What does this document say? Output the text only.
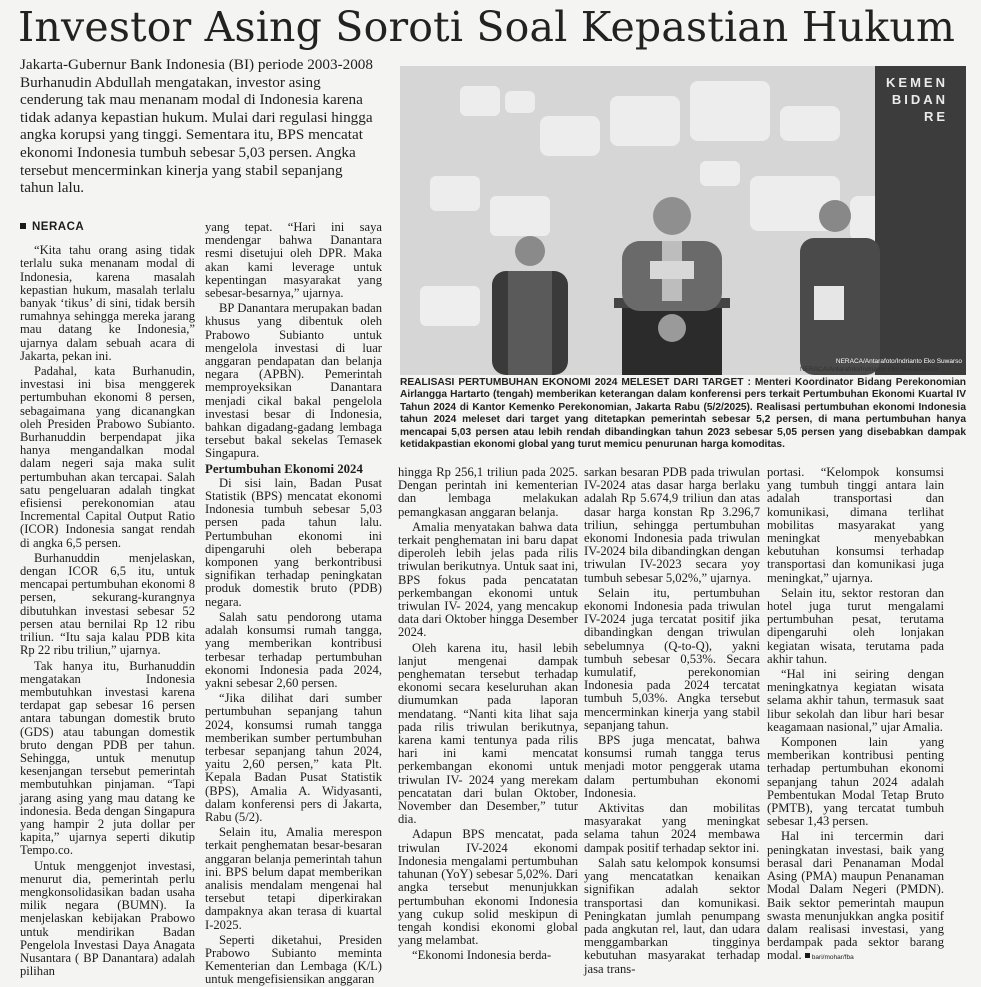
Investor Asing Soroti Soal Kepastian Hukum
Jakarta-Gubernur Bank Indonesia (BI) periode 2003-2008 Burhanudin Abdullah mengatakan, investor asing cenderung tak mau menanam modal di Indonesia karena tidak adanya kepastian hukum. Mulai dari regulasi hingga angka korupsi yang tinggi. Sementara itu, BPS mencatat ekonomi Indonesia tumbuh sebesar 5,03 persen. Angka tersebut mencerminkan kinerja yang stabil sepanjang tahun lalu.
KEMEN
BIDAN
RE
NERACA/Antarafoto/Indrianto Eko Suwarso
NERACA/Antarafoto/Indrianto Eko Suwarso/tom
REALISASI PERTUMBUHAN EKONOMI 2024 MELESET DARI TARGET : Menteri Koordinator Bidang Perekonomian Airlangga Hartarto (tengah) memberikan keterangan dalam konferensi pers terkait Pertumbuhan Ekonomi Kuartal IV Tahun 2024 di Kantor Kemenko Perekonomian, Jakarta Rabu (5/2/2025). Realisasi pertumbuhan ekonomi Indonesia tahun 2024 meleset dari target yang ditetapkan pemerintah sebesar 5,2 persen, di mana pertumbuhan hanya mencapai 5,03 persen atau lebih rendah dibandingkan tahun 2023 sebesar 5,05 persen yang disebabkan dampak ketidakpastian ekonomi global yang turut memicu penurunan harga komoditas.
NERACA

“Kita tahu orang asing tidak terlalu suka menanam modal di Indonesia, karena masalah kepastian hukum, masalah terlalu banyak ‘tikus’ di sini, tidak bersih rumahnya sehingga mereka jarang mau datang ke Indonesia,” ujarnya dalam sebuah acara di Jakarta, pekan ini.

Padahal, kata Burhanudin, investasi ini bisa menggerek pertumbuhan ekonomi 8 persen, sebagaimana yang dicanangkan oleh Presiden Prabowo Subianto. Burhanuddin berpendapat jika hanya mengandalkan modal dalam negeri saja maka sulit pertumbuhan akan tercapai. Salah satu pengeluaran adalah tingkat efisiensi perekonomian atau Incremental Capital Output Ratio (ICOR) Indonesia sangat rendah di angka 6,5 persen.

Burhanuddin menjelaskan, dengan ICOR 6,5 itu, untuk mencapai pertumbuhan ekonomi 8 persen, sekurang-kurangnya dibutuhkan investasi sebesar 52 persen atau bernilai Rp 12 ribu triliun. “Itu saja kalau PDB kita Rp 22 ribu triliun,” ujarnya.

Tak hanya itu, Burhanuddin mengatakan Indonesia membutuhkan investasi karena terdapat gap sebesar 16 persen antara tabungan domestik bruto (GDS) atau tabungan domestik bruto dengan PDB per tahun. Sehingga, untuk menutup kesenjangan tersebut pemerintah membutuhkan pinjaman. “Tapi jarang asing yang mau datang ke indonesia. Beda dengan Singapura yang hampir 2 juta dollar per kapita,” ujarnya seperti dikutip Tempo.co.

Untuk menggenjot investasi, menurut dia, pemerintah perlu mengkonsolidasikan badan usaha milik negara (BUMN). Ia menjelaskan kebijakan Prabowo untuk mendirikan Badan Pengelola Investasi Daya Anagata Nusantara ( BP Danantara) adalah pilihan

yang tepat. “Hari ini saya mendengar bahwa Danantara resmi disetujui oleh DPR. Maka akan kami leverage untuk kepentingan masyarakat yang sebesar-besarnya,” ujarnya.

BP Danantara merupakan badan khusus yang dibentuk oleh Prabowo Subianto untuk mengelola investasi di luar anggaran pendapatan dan belanja negara (APBN). Pemerintah memproyeksikan Danantara menjadi cikal bakal pengelola investasi besar di Indonesia, bahkan digadang-gadang lembaga tersebut bakal sekelas Temasek Singapura.

Pertumbuhan Ekonomi 2024

Di sisi lain, Badan Pusat Statistik (BPS) mencatat ekonomi Indonesia tumbuh sebesar 5,03 persen pada tahun lalu. Pertumbuhan ekonomi ini dipengaruhi oleh beberapa komponen yang berkontribusi signifikan terhadap peningkatan produk domestik bruto (PDB) negara.

Salah satu pendorong utama adalah konsumsi rumah tangga, yang memberikan kontribusi terbesar terhadap pertumbuhan ekonomi Indonesia pada 2024, yakni sebesar 2,60 persen.

“Jika dilihat dari sumber pertumbuhan sepanjang tahun 2024, konsumsi rumah tangga memberikan sumber pertumbuhan terbesar sepanjang tahun 2024, yaitu 2,60 persen,” kata Plt. Kepala Badan Pusat Statistik (BPS), Amalia A. Widyasanti, dalam konferensi pers di Jakarta, Rabu (5/2).

Selain itu, Amalia merespon terkait penghematan besar-besaran anggaran belanja pemerintah tahun ini. BPS belum dapat memberikan analisis mendalam mengenai hal tersebut tetapi diperkirakan dampaknya akan terasa di kuartal I-2025.

Seperti diketahui, Presiden Prabowo Subianto meminta Kementerian dan Lembaga (K/L) untuk mengefisiensikan anggaran

hingga Rp 256,1 triliun pada 2025. Dengan perintah ini kementerian dan lembaga melakukan pemangkasan anggaran belanja.

Amalia menyatakan bahwa data terkait penghematan ini baru dapat diperoleh lebih jelas pada rilis triwulan berikutnya. Untuk saat ini, BPS fokus pada pencatatan perkembangan ekonomi untuk triwulan IV- 2024, yang mencakup data dari Oktober hingga Desember 2024.

Oleh karena itu, hasil lebih lanjut mengenai dampak penghematan tersebut terhadap ekonomi secara keseluruhan akan diumumkan pada laporan mendatang. “Nanti kita lihat saja pada rilis triwulan berikutnya, karena kami tentunya pada rilis hari ini kami mencatat perkembangan ekonomi untuk triwulan IV- 2024 yang merekam pencatatan dari bulan Oktober, November dan Desember,” tutur dia.

Adapun BPS mencatat, pada triwulan IV-2024 ekonomi Indonesia mengalami pertumbuhan tahunan (YoY) sebesar 5,02%. Dari angka tersebut menunjukkan pertumbuhan ekonomi Indonesia yang cukup solid meskipun di tengah kondisi ekonomi global yang melambat.

“Ekonomi Indonesia berda-

sarkan besaran PDB pada triwulan IV-2024 atas dasar harga berlaku adalah Rp 5.674,9 triliun dan atas dasar harga konstan Rp 3.296,7 triliun, sehingga pertumbuhan ekonomi Indonesia pada triwulan IV-2024 bila dibandingkan dengan triwulan IV-2023 secara yoy tumbuh sebesar 5,02%,” ujarnya.

Selain itu, pertumbuhan ekonomi Indonesia pada triwulan IV-2024 juga tercatat positif jika dibandingkan dengan triwulan sebelumnya (Q-to-Q), yakni tumbuh sebesar 0,53%. Secara kumulatif, perekonomian Indonesia pada 2024 tercatat tumbuh 5,03%. Angka tersebut mencerminkan kinerja yang stabil sepanjang tahun.

BPS juga mencatat, bahwa konsumsi rumah tangga terus menjadi motor penggerak utama dalam pertumbuhan ekonomi Indonesia.

Aktivitas dan mobilitas masyarakat yang meningkat selama tahun 2024 membawa dampak positif terhadap sektor ini.

Salah satu kelompok konsumsi yang mencatatkan kenaikan signifikan adalah sektor transportasi dan komunikasi. Peningkatan jumlah penumpang pada angkutan rel, laut, dan udara menggambarkan tingginya kebutuhan masyarakat terhadap jasa trans-

portasi. “Kelompok konsumsi yang tumbuh tinggi antara lain adalah transportasi dan komunikasi, dimana terlihat mobilitas masyarakat yang meningkat menyebabkan kebutuhan konsumsi terhadap transportasi dan komunikasi juga meningkat,” ujarnya.

Selain itu, sektor restoran dan hotel juga turut mengalami pertumbuhan pesat, terutama dipengaruhi oleh lonjakan kegiatan wisata, terutama pada akhir tahun.

“Hal ini seiring dengan meningkatnya kegiatan wisata selama akhir tahun, termasuk saat libur sekolah dan libur hari besar keagamaan nasional,” ujar Amalia.

Komponen lain yang memberikan kontribusi penting terhadap pertumbuhan ekonomi sepanjang tahun 2024 adalah Pembentukan Modal Tetap Bruto (PMTB), yang tercatat tumbuh sebesar 1,43 persen.

Hal ini tercermin dari peningkatan investasi, baik yang berasal dari Penanaman Modal Asing (PMA) maupun Penanaman Modal Dalam Negeri (PMDN). Baik sektor pemerintah maupun swasta menunjukkan angka positif dalam realisasi investasi, yang berdampak pada sektor barang modal. bari/mohar/fba
